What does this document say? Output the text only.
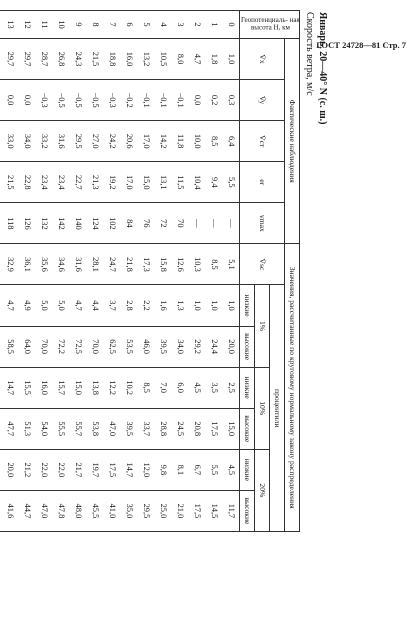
ГОСТ 24728—81 Стр. 7
Январь, 20—40° N (с. ш.)
Скорость ветра, м/с
Геопотенциаль- ная высота H, км	Фактические наблюдения					Значения, рассчитанные по круговому нормальному закону распределения						
	V̄x	V̄y	V̄ст	er	vmax	V̄sc	процентили					
							1%		10%		20%	
							низкие	высокие	низкие	высокие	низкие	высокие
0	1,0	0,3	6,4	5,5	—	5,1	1,0	20,0	2,5	15,0	4,5	11,7
1	1,8	0,2	8,5	9,4	—	8,5	1,0	24,4	3,5	17,5	5,5	14,5
2	4,7	0,0	10,0	10,4	—	10,3	1,0	29,2	4,5	20,8	6,7	17,5
3	8,0	−0,1	11,8	11,5	70	12,6	1,3	34,0	6,0	24,5	8,1	21,0
4	10,5	−0,1	14,2	13,1	72	15,8	1,6	39,5	7,0	28,8	9,8	25,0
5	13,2	−0,1	17,0	15,0	76	17,3	2,2	46,0	8,5	33,7	12,0	29,5
6	16,0	−0,2	20,6	17,0	84	21,8	2,8	53,5	10,2	39,5	14,7	35,0
7	18,8	−0,3	24,2	19,2	102	24,7	3,7	62,5	12,2	47,0	17,5	41,0
8	21,5	−0,5	27,0	21,3	124	28,1	4,4	70,0	13,8	53,8	19,7	45,5
9	24,3	−0,5	29,5	22,7	140	31,6	4,7	72,5	15,0	55,7	21,7	48,0
10	26,8	−0,5	31,6	23,4	142	34,6	5,0	72,2	15,7	55,5	22,0	47,8
11	28,7	−0,3	33,2	23,4	132	35,6	5,0	70,0	16,0	54,0	22,0	47,0
12	29,7	0,0	34,0	22,8	126	36,1	4,9	64,0	15,5	51,3	21,2	44,7
13	29,7	0,0	33,0	21,5	118	32,9	4,7	58,5	14,7	47,7	20,0	41,6
